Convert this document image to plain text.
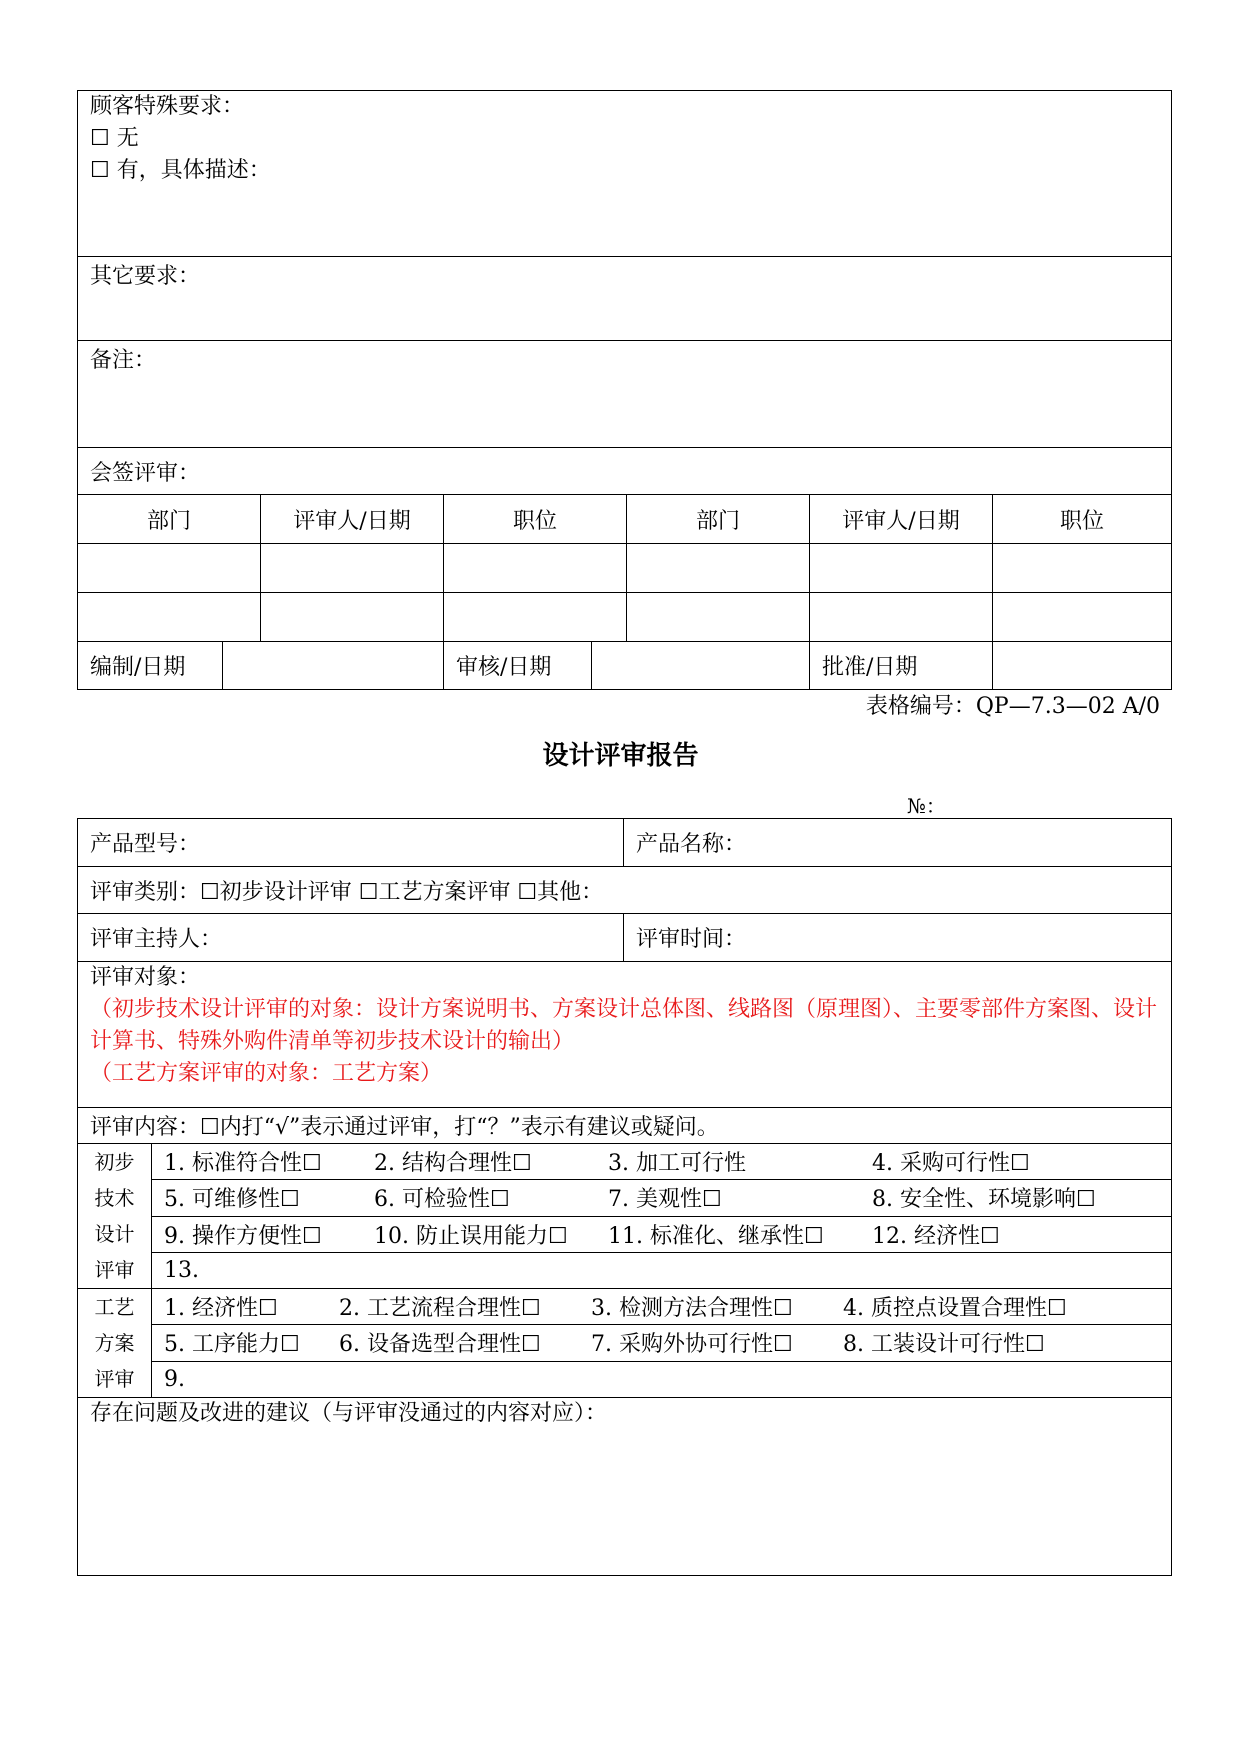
顾客特殊要求：
☐ 无
☐ 有，具体描述：							

其它要求：							

备注：							

会签评审：							
部门		评审人/日期	职位		部门	评审人/日期	职位

编制/日期			审核/日期			批准/日期	
表格编号：QP—7.3—02 A/0
设计评审报告
№：
产品型号：		产品名称：
评审类别：☐初步设计评审 ☐工艺方案评审 ☐其他：		
评审主持人：		评审时间：

评审对象：
（初步技术设计评审的对象：设计方案说明书、方案设计总体图、线路图（原理图）、主要零部件方案图、设计计算书、特殊外购件清单等初步技术设计的输出）
（工艺方案评审的对象：工艺方案）		

评审内容：☐内打“√”表示通过评审，打“？”表示有建议或疑问。		

初步
技术
设计
评审	1. 标准符合性☐ 2. 结构合理性☐ 3. 加工可行性 4. 采购可行性☐	
	5. 可维修性☐ 6. 可检验性☐ 7. 美观性☐ 8. 安全性、环境影响☐	
	9. 操作方便性☐ 10. 防止误用能力☐ 11. 标准化、继承性☐ 12. 经济性☐	
	13.	

工艺
方案
评审	1. 经济性☐ 2. 工艺流程合理性☐ 3. 检测方法合理性☐ 4. 质控点设置合理性☐	
	5. 工序能力☐ 6. 设备选型合理性☐ 7. 采购外协可行性☐ 8. 工装设计可行性☐	
	9.	

存在问题及改进的建议（与评审没通过的内容对应）：		
